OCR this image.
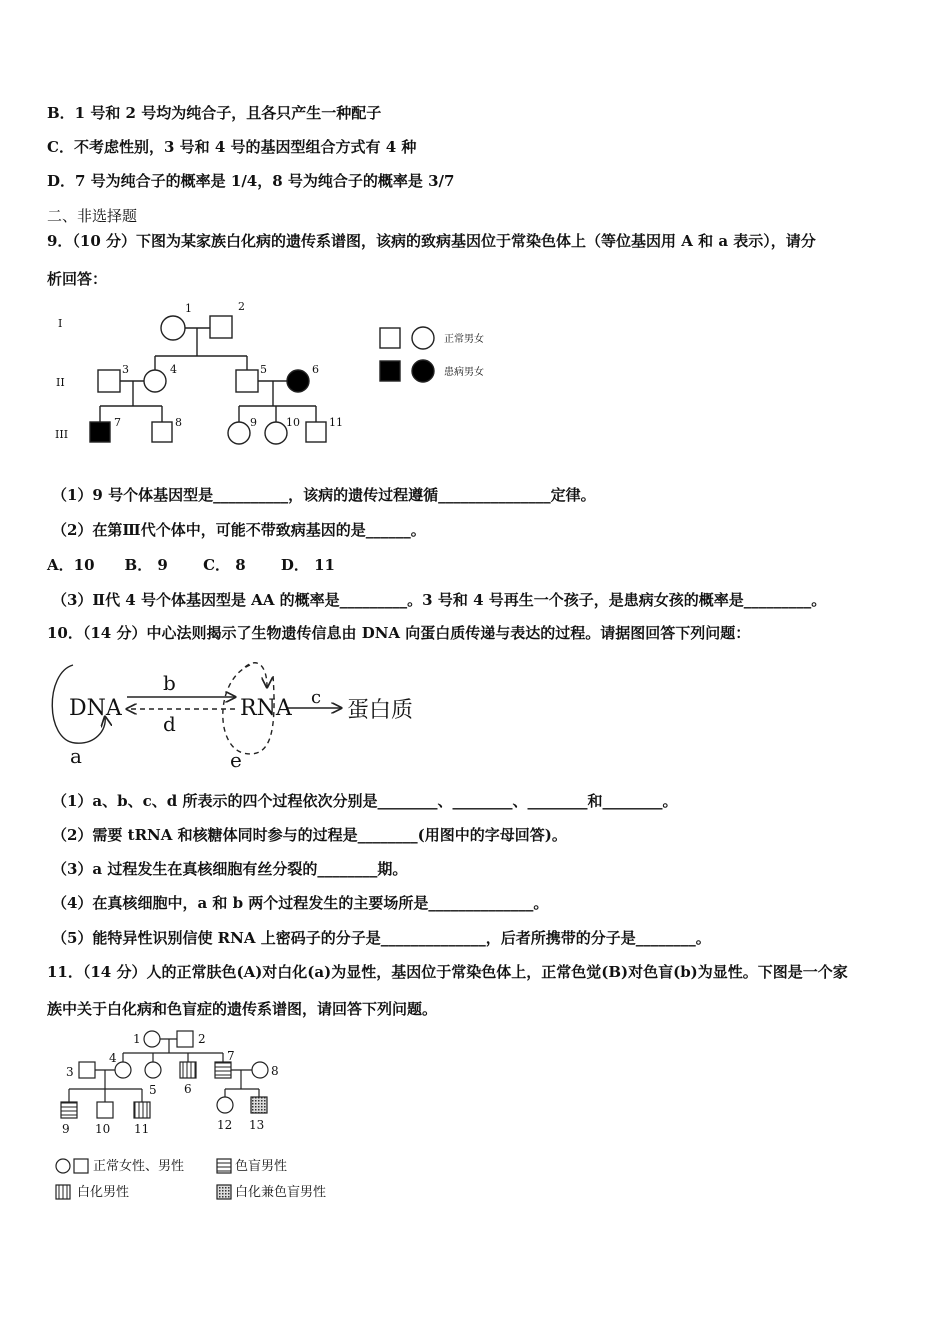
B．1 号和 2 号均为纯合子，且各只产生一种配子
C．不考虑性别，3 号和 4 号的基因型组合方式有 4 种
D．7 号为纯合子的概率是 1/4，8 号为纯合子的概率是 3/7
二、非选择题
9．（10 分）下图为某家族白化病的遗传系谱图，该病的致病基因位于常染色体上（等位基因用 A 和 a 表示），请分
析回答：
I
II
III
1	2
3	4	5	6
7	8	9	10	11
正常男女
患病男女
（1）9 号个体基因型是__________，该病的遗传过程遵循_______________定律。
（2）在第Ⅲ代个体中，可能不带致病基因的是______。
A．10　　B． 9　　 C． 8　　 D． 11
（3）Ⅱ代 4 号个体基因型是 AA 的概率是_________。3 号和 4 号再生一个孩子，是患病女孩的概率是_________。
10．（14 分）中心法则揭示了生物遗传信息由 DNA 向蛋白质传递与表达的过程。请据图回答下列问题：
DNA	RNA	蛋白质
b
d
c
a	e
（1）a、b、c、d 所表示的四个过程依次分别是________、________、________和________。
（2）需要 tRNA 和核糖体同时参与的过程是________(用图中的字母回答)。
（3）a 过程发生在真核细胞有丝分裂的________期。
（4）在真核细胞中，a 和 b 两个过程发生的主要场所是______________。
（5）能特异性识别信使 RNA 上密码子的分子是______________，后者所携带的分子是________。
11．（14 分）人的正常肤色(A)对白化(a)为显性，基因位于常染色体上，正常色觉(B)对色盲(b)为显性。下图是一个家
族中关于白化病和色盲症的遗传系谱图，请回答下列问题。
1	2
3
4
5 6
7
8
9 10 11	12 13
正常女性、男性	色盲男性
白化男性	白化兼色盲男性
